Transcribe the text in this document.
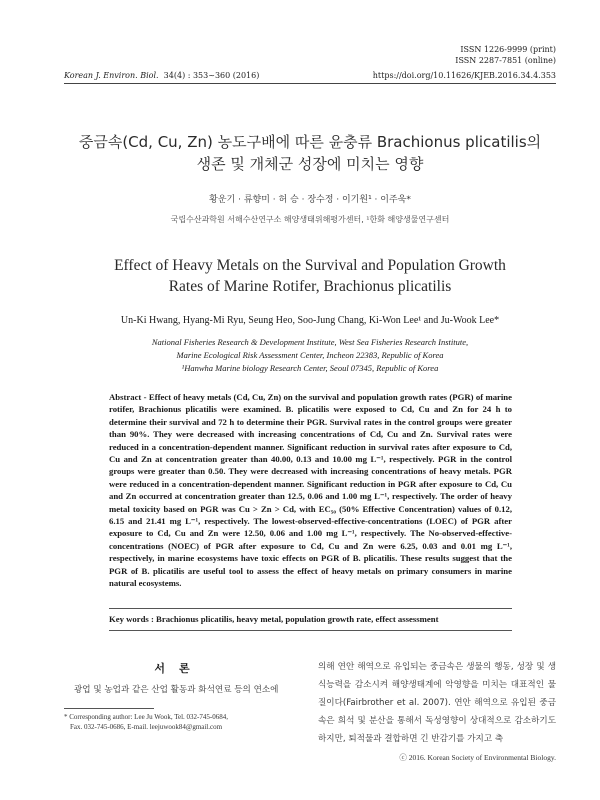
ISSN 1226-9999 (print)
ISSN 2287-7851 (online)
Korean J. Environ. Biol. 34(4) : 353~360 (2016)	https://doi.org/10.11626/KJEB.2016.34.4.353
중금속(Cd, Cu, Zn) 농도구배에 따른 윤충류 Brachionus plicatilis의
생존 및 개체군 성장에 미치는 영향
황운기 · 류향미 · 허 승 · 장수정 · 이기원¹ · 이주욱*
국립수산과학원 서해수산연구소 해양생태위해평가센터, ¹한화 해양생물연구센터
Effect of Heavy Metals on the Survival and Population Growth
Rates of Marine Rotifer, Brachionus plicatilis
Un-Ki Hwang, Hyang-Mi Ryu, Seung Heo, Soo-Jung Chang, Ki-Won Lee¹ and Ju-Wook Lee*
National Fisheries Research & Development Institute, West Sea Fisheries Research Institute,
Marine Ecological Risk Assessment Center, Incheon 22383, Republic of Korea
¹Hanwha Marine biology Research Center, Seoul 07345, Republic of Korea
Abstract - Effect of heavy metals (Cd, Cu, Zn) on the survival and population growth rates (PGR) of marine rotifer, Brachionus plicatilis were examined. B. plicatilis were exposed to Cd, Cu and Zn for 24 h to determine their survival and 72 h to determine their PGR. Survival rates in the control groups were greater than 90%. They were decreased with increasing concentrations of Cd, Cu and Zn. Survival rates were reduced in a concentration-dependent manner. Significant reduction in survival rates after exposure to Cd, Cu and Zn at concentration greater than 40.00, 0.13 and 10.00 mg L⁻¹, respectively. PGR in the control groups were greater than 0.50. They were decreased with increasing concentrations of heavy metals. PGR were reduced in a concentration-dependent manner. Significant reduction in PGR after exposure to Cd, Cu and Zn occurred at concentration greater than 12.5, 0.06 and 1.00 mg L⁻¹, respectively. The order of heavy metal toxicity based on PGR was Cu > Zn > Cd, with EC₅₀ (50% Effective Concentration) values of 0.12, 6.15 and 21.41 mg L⁻¹, respectively. The lowest-observed-effective-concentrations (LOEC) of PGR after exposure to Cd, Cu and Zn were 12.50, 0.06 and 1.00 mg L⁻¹, respectively. The No-observed-effective-concentrations (NOEC) of PGR after exposure to Cd, Cu and Zn were 6.25, 0.03 and 0.01 mg L⁻¹, respectively, in marine ecosystems have toxic effects on PGR of B. plicatilis. These results suggest that the PGR of B. plicatilis are useful tool to assess the effect of heavy metals on primary consumers in marine natural ecosystems.
Key words : Brachionus plicatilis, heavy metal, population growth rate, effect assessment
서론
광업 및 농업과 같은 산업 활동과 화석연료 등의 연소에
* Corresponding author: Lee Ju Wook, Tel. 032-745-0684,
Fax. 032-745-0686, E-mail. leejuwook84@gmail.com
의해 연안 해역으로 유입되는 중금속은 생물의 행동, 성장 및 생식능력을 감소시켜 해양생태계에 악영향을 미치는 대표적인 물질이다(Fairbrother et al. 2007). 연안 해역으로 유입된 중금속은 희석 및 분산을 통해서 독성영향이 상대적으로 감소하기도 하지만, 퇴적물과 결합하면 긴 반감기를 가지고 축
ⓒ 2016. Korean Society of Environmental Biology.
